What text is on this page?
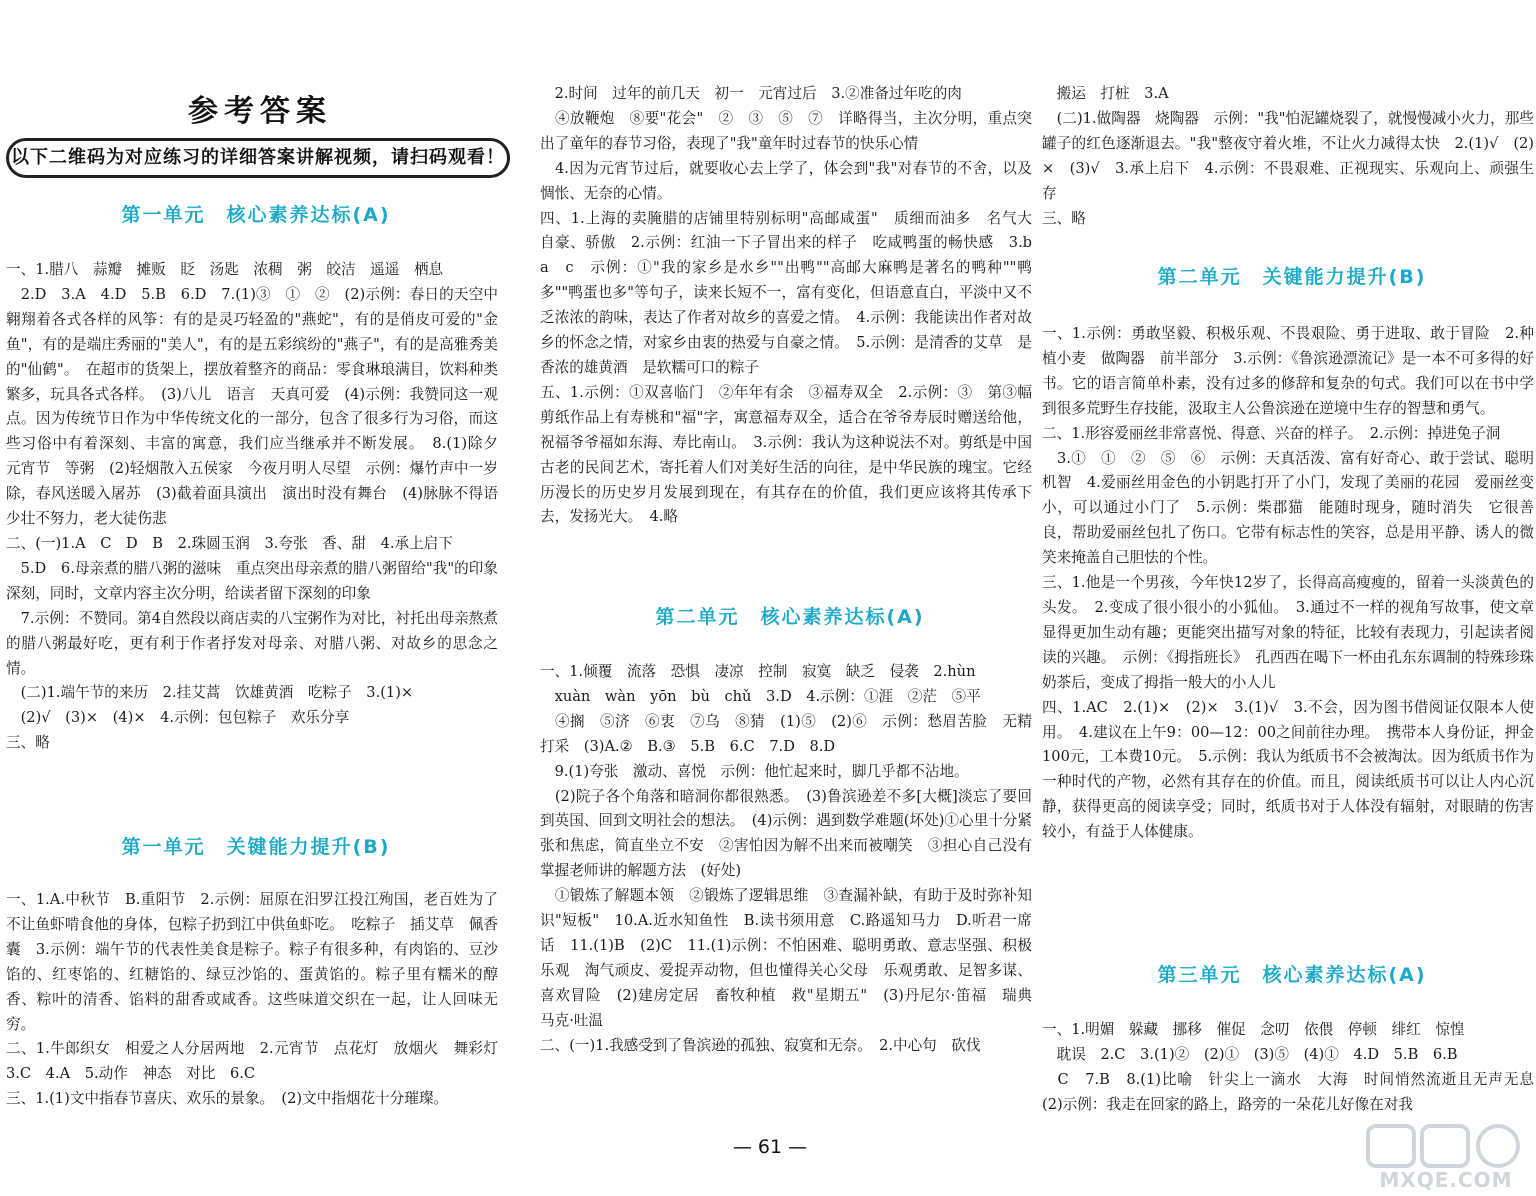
参考答案
以下二维码为对应练习的详细答案讲解视频，请扫码观看！
第一单元　核心素养达标(A)
一、1.腊八　蒜瓣　摊贩　眨　汤匙　浓稠　粥　皎洁　遥遥　栖息
　2.D　3.A　4.D　5.B　6.D　7.(1)③　①　②　(2)示例：春日的天空中翱翔着各式各样的风筝：有的是灵巧轻盈的"燕蛇"，有的是俏皮可爱的"金鱼"，有的是端庄秀丽的"美人"，有的是五彩缤纷的"燕子"，有的是高雅秀美的"仙鹤"。　在超市的货架上，摆放着整齐的商品：零食琳琅满目，饮料种类繁多，玩具各式各样。　(3)八儿　语言　天真可爱　(4)示例：我赞同这一观点。因为传统节日作为中华传统文化的一部分，包含了很多行为习俗，而这些习俗中有着深刻、丰富的寓意，我们应当继承并不断发展。　8.(1)除夕　元宵节　等粥　(2)轻烟散入五侯家　今夜月明人尽望　示例：爆竹声中一岁除，春风送暖入屠苏　(3)截着面具演出　演出时没有舞台　(4)脉脉不得语　少壮不努力，老大徒伤悲
二、(一)1.A　C　D　B　2.珠圆玉润　3.夸张　香、甜　4.承上启下
　5.D　6.母亲煮的腊八粥的滋味　重点突出母亲煮的腊八粥留给"我"的印象深刻，同时，文章内容主次分明，给读者留下深刻的印象
　7.示例：不赞同。第4自然段以商店卖的八宝粥作为对比，衬托出母亲熬煮的腊八粥最好吃，更有利于作者抒发对母亲、对腊八粥、对故乡的思念之情。
　(二)1.端午节的来历　2.挂艾蒿　饮雄黄酒　吃粽子　3.(1)×
　(2)√　(3)×　(4)×　4.示例：包包粽子　欢乐分享
三、略
第一单元　关键能力提升(B)
一、1.A.中秋节　B.重阳节　2.示例：屈原在汨罗江投江殉国，老百姓为了不让鱼虾啃食他的身体，包粽子扔到江中供鱼虾吃。　吃粽子　插艾草　佩香囊　3.示例：端午节的代表性美食是粽子。粽子有很多种，有肉馅的、豆沙馅的、红枣馅的、红糖馅的、绿豆沙馅的、蛋黄馅的。粽子里有糯米的醇香、粽叶的清香、馅料的甜香或咸香。这些味道交织在一起，让人回味无穷。
二、1.牛郎织女　相爱之人分居两地　2.元宵节　点花灯　放烟火　舞彩灯　3.C　4.A　5.动作　神态　对比　6.C
三、1.(1)文中指春节喜庆、欢乐的景象。　(2)文中指烟花十分璀璨。
　2.时间　过年的前几天　初一　元宵过后　3.②准备过年吃的肉
　④放鞭炮　⑧要"花会"　②　③　⑤　⑦　详略得当，主次分明，重点突出了童年的春节习俗，表现了"我"童年时过春节的快乐心情
　4.因为元宵节过后，就要收心去上学了，体会到"我"对春节的不舍，以及惆怅、无奈的心情。
四、1.上海的卖腌腊的店铺里特别标明"高邮咸蛋"　质细而油多　名气大　自豪、骄傲　2.示例：红油一下子冒出来的样子　吃咸鸭蛋的畅快感　3.b　a　c　示例：①"我的家乡是水乡""出鸭""高邮大麻鸭是著名的鸭种""鸭多""鸭蛋也多"等句子，读来长短不一，富有变化，但语意直白，平淡中又不乏浓浓的韵味，表达了作者对故乡的喜爱之情。　4.示例：我能读出作者对故乡的怀念之情，对家乡由衷的热爱与自豪之情。　5.示例：是清香的艾草　是香浓的雄黄酒　是软糯可口的粽子
五、1.示例：①双喜临门　②年年有余　③福寿双全　2.示例：③　第③幅剪纸作品上有寿桃和"福"字，寓意福寿双全，适合在爷爷寿辰时赠送给他，祝福爷爷福如东海、寿比南山。　3.示例：我认为这种说法不对。剪纸是中国古老的民间艺术，寄托着人们对美好生活的向往，是中华民族的瑰宝。它经历漫长的历史岁月发展到现在，有其存在的价值，我们更应该将其传承下去，发扬光大。　4.略
第二单元　核心素养达标(A)
一、1.倾覆　流落　恐惧　凄凉　控制　寂寞　缺乏　侵袭　2.hùn
　xuàn　wàn　yōn　bù　chǔ　3.D　4.示例：①涯　②茫　⑤平
　④搁　⑤济　⑥衷　⑦乌　⑧猜　(1)⑤　(2)⑥　示例：愁眉苦脸　无精打采　(3)A.②　B.③　5.B　6.C　7.D　8.D
　9.(1)夸张　激动、喜悦　示例：他忙起来时，脚几乎都不沾地。
　(2)院子各个角落和暗洞你都很熟悉。　(3)鲁滨逊差不多[大概]淡忘了要回到英国、回到文明社会的想法。　(4)示例：遇到数学难题(坏处)①心里十分紧张和焦虑，简直坐立不安　②害怕因为解不出来而被嘲笑　③担心自己没有掌握老师讲的解题方法　(好处)
　①锻炼了解题本领　②锻炼了逻辑思维　③查漏补缺，有助于及时弥补知识"短板"　10.A.近水知鱼性　B.读书须用意　C.路遥知马力　D.听君一席话　11.(1)B　(2)C　11.(1)示例：不怕困难、聪明勇敢、意志坚强、积极乐观　淘气顽皮、爱捉弄动物，但也懂得关心父母　乐观勇敢、足智多谋、喜欢冒险　(2)建房定居　畜牧种植　救"星期五"　(3)丹尼尔·笛福　瑞典　马克·吐温
二、(一)1.我感受到了鲁滨逊的孤独、寂寞和无奈。　2.中心句　砍伐
　搬运　打桩　3.A
　(二)1.做陶器　烧陶器　示例："我"怕泥罐烧裂了，就慢慢减小火力，那些罐子的红色逐渐退去。"我"整夜守着火堆，不让火力减得太快　2.(1)√　(2)×　(3)√　3.承上启下　4.示例：不畏艰难、正视现实、乐观向上、顽强生存
三、略
第二单元　关键能力提升(B)
一、1.示例：勇敢坚毅、积极乐观、不畏艰险、勇于进取、敢于冒险　2.种植小麦　做陶器　前半部分　3.示例：《鲁滨逊漂流记》是一本不可多得的好书。它的语言简单朴素，没有过多的修辞和复杂的句式。我们可以在书中学到很多荒野生存技能，汲取主人公鲁滨逊在逆境中生存的智慧和勇气。
二、1.形容爱丽丝非常喜悦、得意、兴奋的样子。　2.示例：掉进兔子洞
　3.①　①　②　⑤　⑥　示例：天真活泼、富有好奇心、敢于尝试、聪明机智　4.爱丽丝用金色的小钥匙打开了小门，发现了美丽的花园　爱丽丝变小，可以通过小门了　5.示例：柴郡猫　能随时现身，随时消失　它很善良，帮助爱丽丝包扎了伤口。它带有标志性的笑容，总是用平静、诱人的微笑来掩盖自己胆怯的个性。
三、1.他是一个男孩，今年快12岁了，长得高高瘦瘦的，留着一头淡黄色的头发。　2.变成了很小很小的小狐仙。　3.通过不一样的视角写故事，使文章显得更加生动有趣；更能突出描写对象的特征，比较有表现力，引起读者阅读的兴趣。　示例：《拇指班长》　孔西西在喝下一杯由孔东东调制的特殊珍珠奶茶后，变成了拇指一般大的小人儿
四、1.AC　2.(1)×　(2)×　3.(1)√　3.不会，因为图书借阅证仅限本人使用。　4.建议在上午9：00—12：00之间前往办理。　携带本人身份证，押金100元，工本费10元。　5.示例：我认为纸质书不会被淘汰。因为纸质书作为一种时代的产物，必然有其存在的价值。而且，阅读纸质书可以让人内心沉静，获得更高的阅读享受；同时，纸质书对于人体没有辐射，对眼睛的伤害较小，有益于人体健康。
第三单元　核心素养达标(A)
一、1.明媚　躲藏　挪移　催促　念叨　依偎　停顿　绯红　惊惶
　耽误　2.C　3.(1)②　(2)①　(3)⑤　(4)①　4.D　5.B　6.B
　C　7.B　8.(1)比喻　针尖上一滴水　大海　时间悄然流逝且无声无息　(2)示例：我走在回家的路上，路旁的一朵花儿好像在对我
— 61 —
MXQE.COM
